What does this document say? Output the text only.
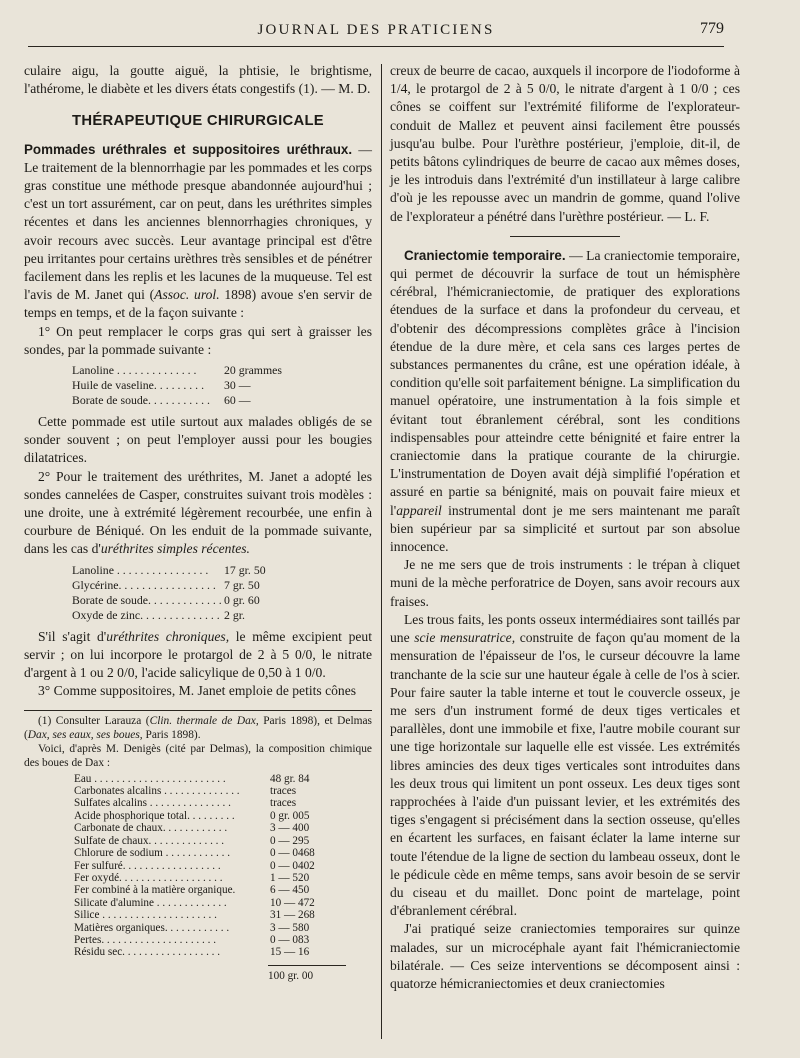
JOURNAL DES PRATICIENS	779

culaire aigu, la goutte aiguë, la phtisie, le brightisme, l'athérome, le diabète et les divers états congestifs (1). — M. D.

THÉRAPEUTIQUE CHIRURGICALE

Pommades uréthrales et suppositoires uréthraux. — Le traitement de la blennorrhagie par les pommades et les corps gras constitue une méthode presque abandonnée aujourd'hui ; c'est un tort assurément, car on peut, dans les uréthrites simples récentes et dans les anciennes blennorrhagies chroniques, y avoir recours avec succès. Leur avantage principal est d'être peu irritantes pour certains urèthres très sensibles et de pénétrer facilement dans les replis et les lacunes de la muqueuse. Tel est l'avis de M. Janet qui (Assoc. urol. 1898) avoue s'en servir de temps en temps, et de la façon suivante :

1° On peut remplacer le corps gras qui sert à graisser les sondes, par la pommade suivante :

Lanoline . . . . . . . . . . . . . .	20 grammes
Huile de vaseline. . . . . . . . .	30 —
Borate de soude. . . . . . . . . . .	60 —

Cette pommade est utile surtout aux malades obligés de se sonder souvent ; on peut l'employer aussi pour les bougies dilatatrices.

2° Pour le traitement des uréthrites, M. Janet a adopté les sondes cannelées de Casper, construites suivant trois modèles : une droite, une à extrémité légèrement recourbée, une enfin à courbure de Béniqué. On les enduit de la pommade suivante, dans les cas d'uréthrites simples récentes.

Lanoline . . . . . . . . . . . . . . . .	17 gr. 50
Glycérine. . . . . . . . . . . . . . . . . 7 gr. 50
Borate de soude. . . . . . . . . . . . . 0 gr. 60
Oxyde de zinc. . . . . . . . . . . . . . 2 gr.

S'il s'agit d'uréthrites chroniques, le même excipient peut servir ; on lui incorpore le protargol de 2 à 5 0/0, le nitrate d'argent à 1 ou 2 0/0, l'acide salicylique de 0,50 à 1 0/0.

3° Comme suppositoires, M. Janet emploie de petits cônes

(1) Consulter Larauza (Clin. thermale de Dax, Paris 1898), et Delmas (Dax, ses eaux, ses boues, Paris 1898).

Voici, d'après M. Denigès (cité par Delmas), la composition chimique des boues de Dax :

Eau . . . . . . . . . . . . . . . . . . . . . . . .	48 gr. 84
Carbonates alcalins . . . . . . . . . . . . . .	traces
Sulfates alcalins . . . . . . . . . . . . . . .	traces
Acide phosphorique total. . . . . . . . .	0 gr. 005
Carbonate de chaux. . . . . . . . . . . .	3 — 400
Sulfate de chaux. . . . . . . . . . . . . .	0 — 295
Chlorure de sodium . . . . . . . . . . . .	0 — 0468
Fer sulfuré. . . . . . . . . . . . . . . . . .	0 — 0402
Fer oxydé. . . . . . . . . . . . . . . . . . .	1 — 520
Fer combiné à la matière organique.	6 — 450
Silicate d'alumine . . . . . . . . . . . . .	10 — 472
Silice . . . . . . . . . . . . . . . . . . . . .	31 — 268
Matières organiques. . . . . . . . . . . .	3 — 580
Pertes. . . . . . . . . . . . . . . . . . . . .	0 — 083
Résidu sec. . . . . . . . . . . . . . . . . .	15 — 16
100 gr. 00

creux de beurre de cacao, auxquels il incorpore de l'iodoforme à 1/4, le protargol de 2 à 5 0/0, le nitrate d'argent à 1 0/0 ; ces cônes se coiffent sur l'extrémité filiforme de l'explorateur-conduit de Mallez et peuvent ainsi facilement être poussés jusqu'au bulbe. Pour l'urèthre postérieur, j'emploie, dit-il, de petits bâtons cylindriques de beurre de cacao aux mêmes doses, je les introduis dans l'extrémité d'un instillateur à large calibre d'où je les repousse avec un mandrin de gomme, quand l'olive de l'explorateur a pénétré dans l'urèthre postérieur. — L. F.

Craniectomie temporaire. — La craniectomie temporaire, qui permet de découvrir la surface de tout un hémisphère cérébral, l'hémicraniectomie, de pratiquer des explorations étendues de la surface et dans la profondeur du cerveau, et d'obtenir des décompressions complètes grâce à l'incision étendue de la dure mère, et cela sans ces larges pertes de substances permanentes du crâne, est une opération idéale, à condition qu'elle soit parfaitement bénigne. La simplification du manuel opératoire, une instrumentation à la fois simple et évitant tout ébranlement cérébral, sont les conditions indispensables pour atteindre cette bénignité et faire entrer la craniectomie dans la pratique courante de la chirurgie. L'instrumentation de Doyen avait déjà simplifié l'opération et assuré en partie sa bénignité, mais on pouvait faire mieux et l'appareil instrumental dont je me sers maintenant me paraît bien supérieur par sa simplicité et surtout par son absolue innocence.

Je ne me sers que de trois instruments : le trépan à cliquet muni de la mèche perforatrice de Doyen, sans avoir recours aux fraises.

Les trous faits, les ponts osseux intermédiaires sont taillés par une scie mensuratrice, construite de façon qu'au moment de la mensuration de l'épaisseur de l'os, le curseur découvre la lame tranchante de la scie sur une hauteur égale à celle de l'os à scier. Pour faire sauter la table interne et tout le couvercle osseux, je me sers d'un instrument formé de deux tiges verticales et parallèles, dont une immobile et fixe, l'autre mobile courant sur une tige horizontale sur laquelle elle est vissée. Les extrémités libres amincies des deux tiges verticales sont introduites dans les deux trous qui limitent un pont osseux. Les deux tiges sont rapprochées à l'aide d'un puissant levier, et les extrémités des tiges s'engagent si précisément dans la section osseuse, qu'elles en écartent les surfaces, en faisant éclater la lame interne sur toute l'étendue de la ligne de section du lambeau osseux, dont le le pédicule cède en même temps, sans avoir besoin de se servir du ciseau et du maillet. Donc point de martelage, point d'ébranlement cérébral.

J'ai pratiqué seize craniectomies temporaires sur quinze malades, sur un microcéphale ayant fait l'hémicraniectomie bilatérale. — Ces seize interventions se décomposent ainsi : quatorze hémicraniectomies et deux craniectomies
